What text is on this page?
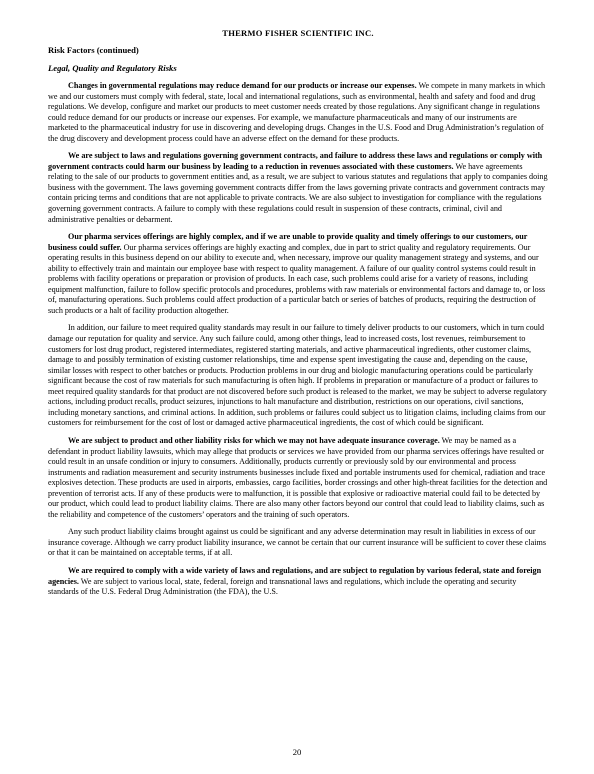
THERMO FISHER SCIENTIFIC INC.
Risk Factors (continued)
Legal, Quality and Regulatory Risks

Changes in governmental regulations may reduce demand for our products or increase our expenses. We compete in many markets in which we and our customers must comply with federal, state, local and international regulations, such as environmental, health and safety and food and drug regulations. We develop, configure and market our products to meet customer needs created by those regulations. Any significant change in regulations could reduce demand for our products or increase our expenses. For example, we manufacture pharmaceuticals and many of our instruments are marketed to the pharmaceutical industry for use in discovering and developing drugs. Changes in the U.S. Food and Drug Administration’s regulation of the drug discovery and development process could have an adverse effect on the demand for these products.

We are subject to laws and regulations governing government contracts, and failure to address these laws and regulations or comply with government contracts could harm our business by leading to a reduction in revenues associated with these customers. We have agreements relating to the sale of our products to government entities and, as a result, we are subject to various statutes and regulations that apply to companies doing business with the government. The laws governing government contracts differ from the laws governing private contracts and government contracts may contain pricing terms and conditions that are not applicable to private contracts. We are also subject to investigation for compliance with the regulations governing government contracts. A failure to comply with these regulations could result in suspension of these contracts, criminal, civil and administrative penalties or debarment.

Our pharma services offerings are highly complex, and if we are unable to provide quality and timely offerings to our customers, our business could suffer. Our pharma services offerings are highly exacting and complex, due in part to strict quality and regulatory requirements. Our operating results in this business depend on our ability to execute and, when necessary, improve our quality management strategy and systems, and our ability to effectively train and maintain our employee base with respect to quality management. A failure of our quality control systems could result in problems with facility operations or preparation or provision of products. In each case, such problems could arise for a variety of reasons, including equipment malfunction, failure to follow specific protocols and procedures, problems with raw materials or environmental factors and damage to, or loss of, manufacturing operations. Such problems could affect production of a particular batch or series of batches of products, requiring the destruction of such products or a halt of facility production altogether.

In addition, our failure to meet required quality standards may result in our failure to timely deliver products to our customers, which in turn could damage our reputation for quality and service. Any such failure could, among other things, lead to increased costs, lost revenues, reimbursement to customers for lost drug product, registered intermediates, registered starting materials, and active pharmaceutical ingredients, other customer claims, damage to and possibly termination of existing customer relationships, time and expense spent investigating the cause and, depending on the cause, similar losses with respect to other batches or products. Production problems in our drug and biologic manufacturing operations could be particularly significant because the cost of raw materials for such manufacturing is often high. If problems in preparation or manufacture of a product or failures to meet required quality standards for that product are not discovered before such product is released to the market, we may be subject to adverse regulatory actions, including product recalls, product seizures, injunctions to halt manufacture and distribution, restrictions on our operations, civil sanctions, including monetary sanctions, and criminal actions. In addition, such problems or failures could subject us to litigation claims, including claims from our customers for reimbursement for the cost of lost or damaged active pharmaceutical ingredients, the cost of which could be significant.

We are subject to product and other liability risks for which we may not have adequate insurance coverage. We may be named as a defendant in product liability lawsuits, which may allege that products or services we have provided from our pharma services offerings have resulted or could result in an unsafe condition or injury to consumers. Additionally, products currently or previously sold by our environmental and process instruments and radiation measurement and security instruments businesses include fixed and portable instruments used for chemical, radiation and trace explosives detection. These products are used in airports, embassies, cargo facilities, border crossings and other high-threat facilities for the detection and prevention of terrorist acts. If any of these products were to malfunction, it is possible that explosive or radioactive material could fail to be detected by our product, which could lead to product liability claims. There are also many other factors beyond our control that could lead to liability claims, such as the reliability and competence of the customers’ operators and the training of such operators.

Any such product liability claims brought against us could be significant and any adverse determination may result in liabilities in excess of our insurance coverage. Although we carry product liability insurance, we cannot be certain that our current insurance will be sufficient to cover these claims or that it can be maintained on acceptable terms, if at all.

We are required to comply with a wide variety of laws and regulations, and are subject to regulation by various federal, state and foreign agencies. We are subject to various local, state, federal, foreign and transnational laws and regulations, which include the operating and security standards of the U.S. Federal Drug Administration (the FDA), the U.S.

20
